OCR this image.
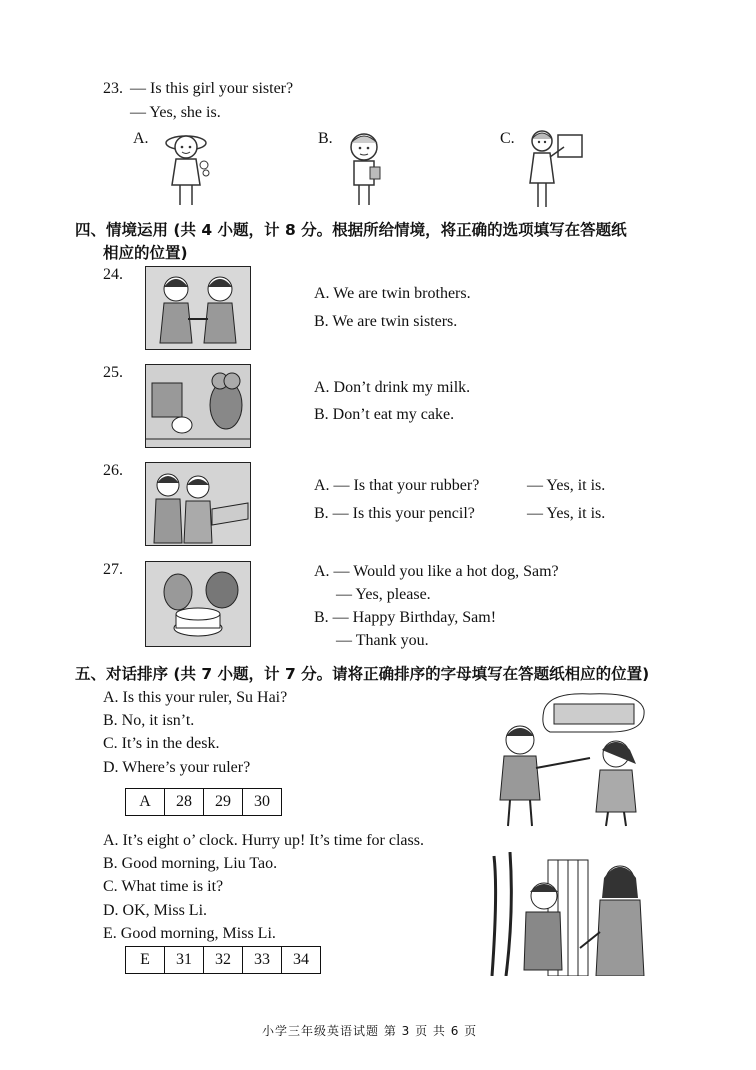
23. — Is this girl your sister?
— Yes, she is.
A.	B.	C.
四、情境运用 (共 4 小题，计 8 分。根据所给情境，将正确的选项填写在答题纸
相应的位置)
24.
A. We are twin brothers.
B. We are twin sisters.
25.
A. Don’t drink my milk.
B. Don’t eat my cake.
26.
A. — Is that your rubber?	— Yes, it is.
B. — Is this your pencil?	— Yes, it is.
27.	A. — Would you like a hot dog, Sam?
— Yes, please.
B. — Happy Birthday, Sam!
— Thank you.
五、对话排序 (共 7 小题，计 7 分。请将正确排序的字母填写在答题纸相应的位置)
A. Is this your ruler, Su Hai?
B. No, it isn’t.
C. It’s in the desk.
D. Where’s your ruler?
A	28	29	30
A. It’s eight o’ clock. Hurry up! It’s time for class.
B. Good morning, Liu Tao.
C. What time is it?
D. OK, Miss Li.
E. Good morning, Miss Li.
E	31	32	33	34
小学三年级英语试题 第 3 页 共 6 页
